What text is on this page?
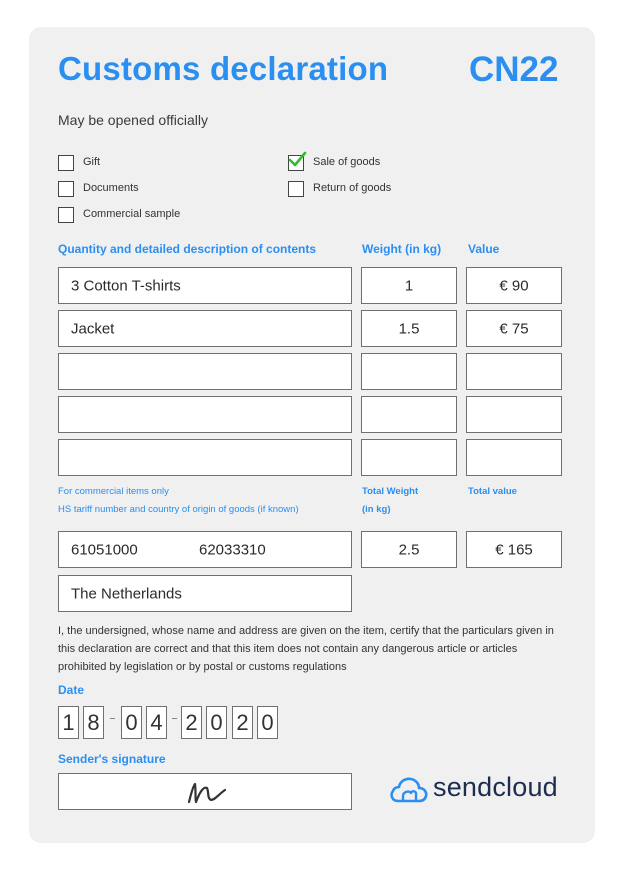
Customs declaration CN22
May be opened officially
Gift
Documents
Commercial sample
Sale of goods
Return of goods
Quantity and detailed description of contents	Weight (in kg) Value
3 Cotton T-shirts	1	€ 90
Jacket	1.5	€ 75
For commercial items only
HS tariff number and country of origin of goods (if known)
Total Weight
(in kg)
Total value
61051000	62033310	2.5	€ 165
The Netherlands
I, the undersigned, whose name and address are given on the item, certify that the particulars given in
this declaration are correct and that this item does not contain any dangerous article or articles
prohibited by legislation or by postal or customs regulations
Date
1 8 0 4 2 0 2 0
Sender's signature
sendcloud
